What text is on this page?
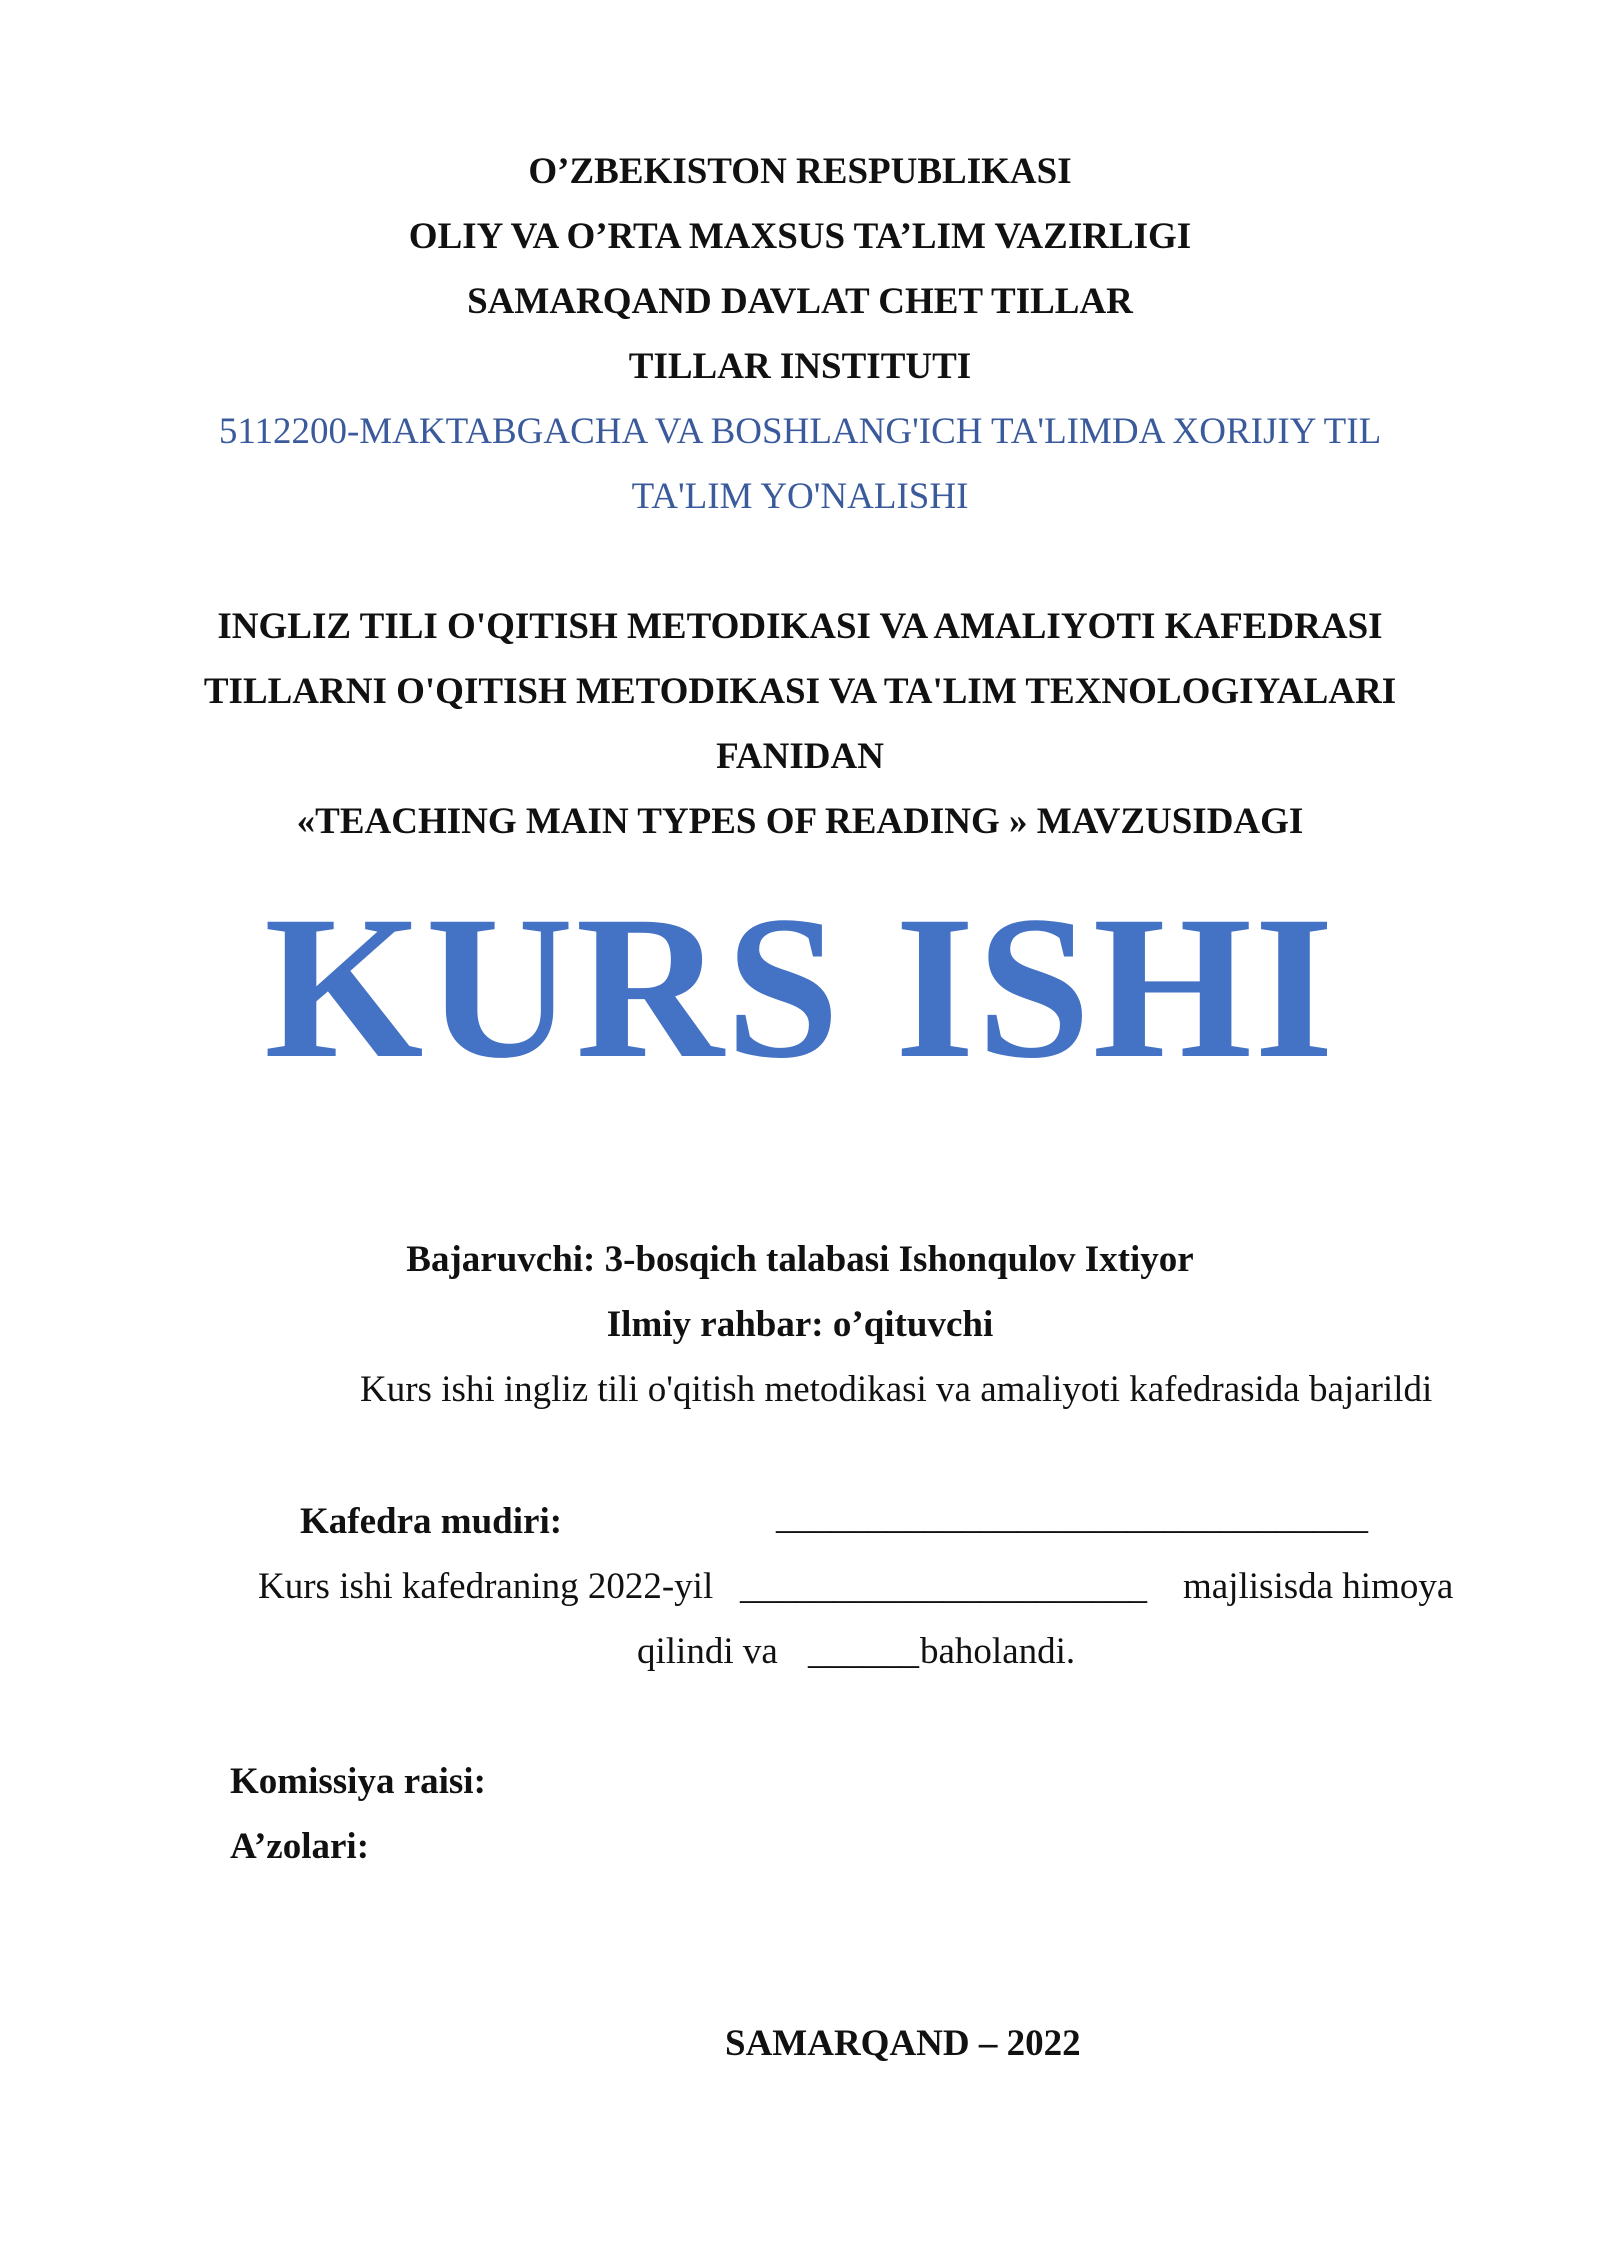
O’ZBEKISTON RESPUBLIKASI
OLIY VA O’RTA MAXSUS TA’LIM VAZIRLIGI
SAMARQAND DAVLAT CHET TILLAR
TILLAR INSTITUTI
5112200-MAKTABGACHA VA BOSHLANG'ICH TA'LIMDA XORIJIY TIL
TA'LIM YO'NALISHI
INGLIZ TILI O'QITISH METODIKASI VA AMALIYOTI KAFEDRASI
TILLARNI O'QITISH METODIKASI VA TA'LIM TEXNOLOGIYALARI
FANIDAN
«TEACHING MAIN TYPES OF READING » MAVZUSIDAGI
KURS ISHI
Bajaruvchi: 3-bosqich talabasi Ishonqulov Ixtiyor
Ilmiy rahbar: o’qituvchi
Kurs ishi ingliz tili o'qitish metodikasi va amaliyoti kafedrasida bajarildi
Kafedra mudiri:	________________________________
Kurs ishi kafedraning 2022-yil ______________________ majlisisda himoya
qilindi va ______ baholandi.
Komissiya raisi:
A’zolari:
SAMARQAND – 2022
